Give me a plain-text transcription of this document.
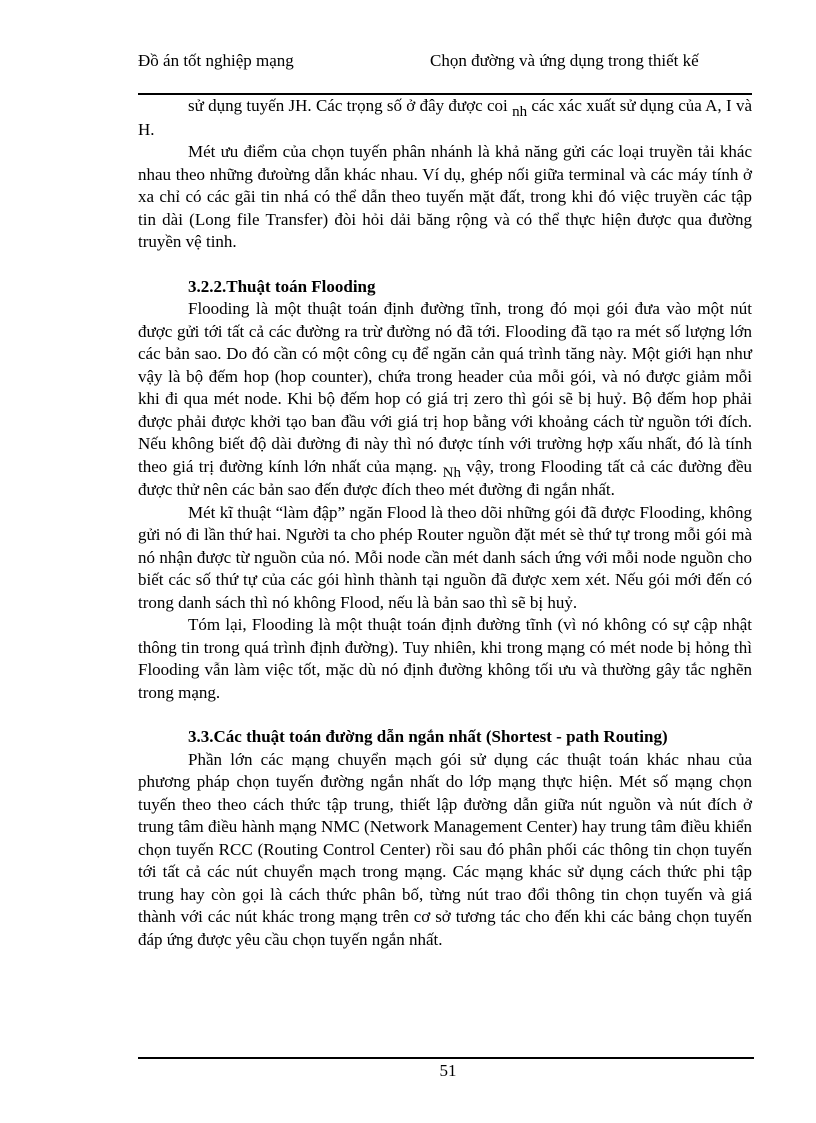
Đồ án tốt nghiệp mạng	Chọn đường và ứng dụng trong thiết kế

sử dụng tuyến JH. Các trọng số ở đây được coi nh các xác xuất sử dụng của A, I và H.

Mét ưu điểm của chọn tuyến phân nhánh là khả năng gửi các loại truyền tải khác nhau theo những đưoừng dẫn khác nhau. Ví dụ, ghép nối giữa terminal và các máy tính ở xa chỉ có các gãi tin nhá có thể dẫn theo tuyến mặt đất, trong khi đó việc truyền các tập tin dài (Long file Transfer) đòi hỏi dải băng rộng và có thể thực hiện được qua đường truyền vệ tinh.

3.2.2.Thuật toán Flooding

Flooding là một thuật toán định đường tĩnh, trong đó mọi gói đưa vào một nút được gửi tới tất cả các đường ra trừ đường nó đã tới. Flooding đã tạo ra mét số lượng lớn các bản sao. Do đó cần có một công cụ để ngăn cản quá trình tăng này. Một giới hạn như vậy là bộ đếm hop (hop counter), chứa trong header của mỗi gói, và nó được giảm mỗi khi đi qua mét node. Khi bộ đếm hop có giá trị zero thì gói sẽ bị huỷ. Bộ đếm hop phải được phải được khởi tạo ban đầu với giá trị hop bằng với khoảng cách từ nguồn tới đích. Nếu không biết độ dài đường đi này thì nó được tính với trường hợp xấu nhất, đó là tính theo giá trị đường kính lớn nhất của mạng. Nh vậy, trong Flooding tất cả các đường đều được thử nên các bản sao đến được đích theo mét đường đi ngắn nhất.

Mét kĩ thuật “làm đập” ngăn Flood là theo dõi những gói đã được Flooding, không gửi nó đi lần thứ hai. Người ta cho phép Router nguồn đặt mét sè thứ tự trong mỗi gói mà nó nhận được từ nguồn của nó. Mỗi node cần mét danh sách ứng với mỗi node nguồn cho biết các số thứ tự của các gói hình thành tại nguồn đã được xem xét. Nếu gói mới đến có trong danh sách thì nó không Flood, nếu là bản sao thì sẽ bị huỷ.

Tóm lại, Flooding là một thuật toán định đường tĩnh (vì nó không có sự cập nhật thông tin trong quá trình định đường). Tuy nhiên, khi trong mạng có mét node bị hỏng thì Flooding vẫn làm việc tốt, mặc dù nó định đường không tối ưu và thường gây tắc nghẽn trong mạng.

3.3.Các thuật toán đường dẫn ngắn nhất (Shortest - path Routing)

Phần lớn các mạng chuyển mạch gói sử dụng các thuật toán khác nhau của phương pháp chọn tuyến đường ngắn nhất do lớp mạng thực hiện. Mét số mạng chọn tuyến theo theo cách thức tập trung, thiết lập đường dẫn giữa nút nguồn và nút đích ở trung tâm điều hành mạng NMC (Network Management Center) hay trung tâm điều khiển chọn tuyến RCC (Routing Control Center) rồi sau đó phân phối các thông tin chọn tuyến tới tất cả các nút chuyển mạch trong mạng. Các mạng khác sử dụng cách thức phi tập trung hay còn gọi là cách thức phân bố, từng nút trao đổi thông tin chọn tuyến và giá thành với các nút khác trong mạng trên cơ sở tương tác cho đến khi các bảng chọn tuyến đáp ứng được yêu cầu chọn tuyến ngắn nhất.

51
